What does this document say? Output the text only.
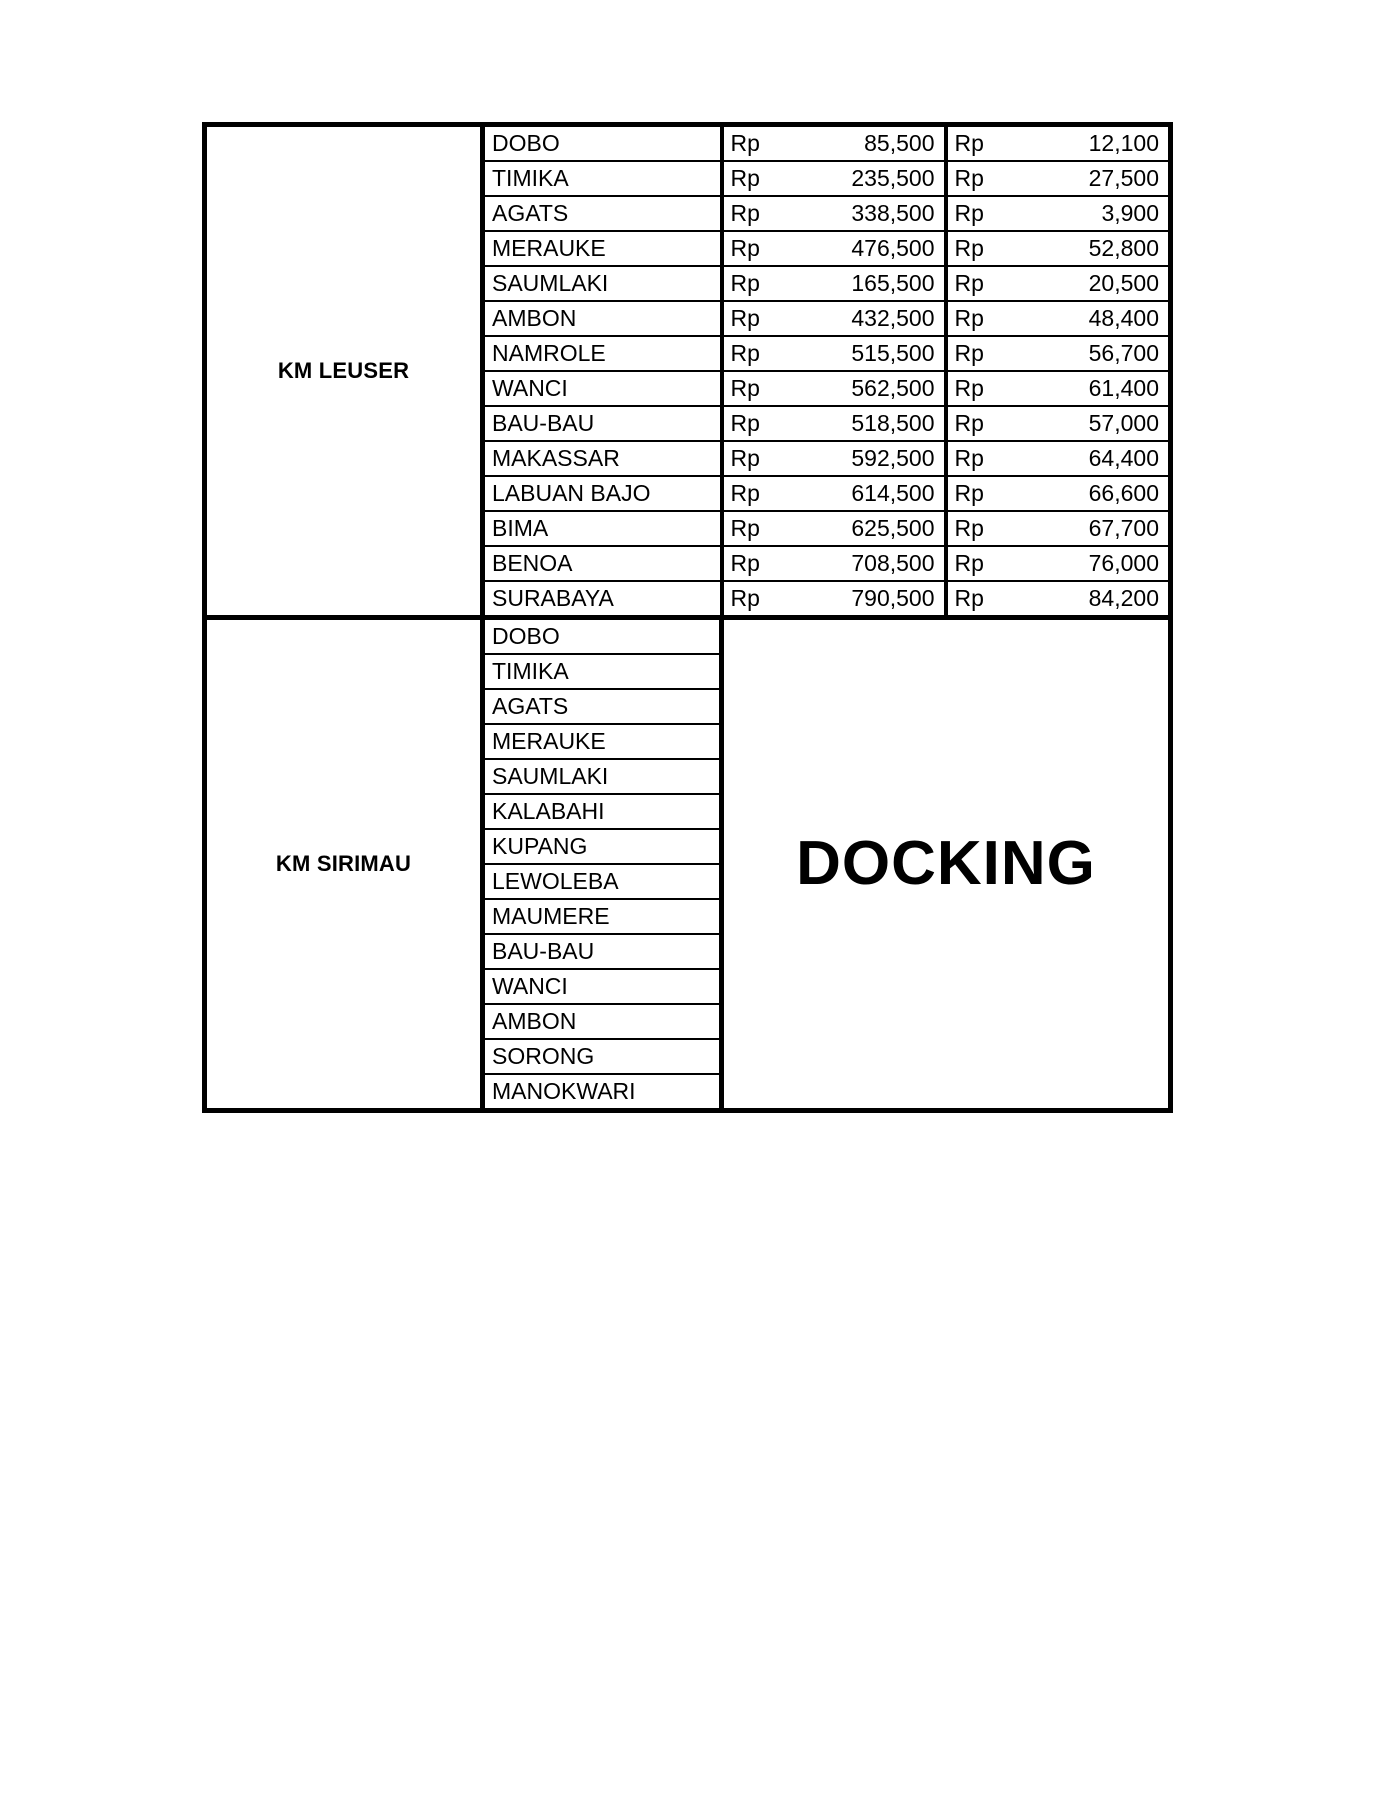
KM LEUSER	DOBO	Rp	85,500	Rp	12,100
	TIMIKA	Rp	235,500	Rp	27,500
	AGATS	Rp	338,500	Rp	3,900
	MERAUKE	Rp	476,500	Rp	52,800
	SAUMLAKI	Rp	165,500	Rp	20,500
	AMBON	Rp	432,500	Rp	48,400
	NAMROLE	Rp	515,500	Rp	56,700
	WANCI	Rp	562,500	Rp	61,400
	BAU-BAU	Rp	518,500	Rp	57,000
	MAKASSAR	Rp	592,500	Rp	64,400
	LABUAN BAJO	Rp	614,500	Rp	66,600
	BIMA	Rp	625,500	Rp	67,700
	BENOA	Rp	708,500	Rp	76,000
	SURABAYA	Rp	790,500	Rp	84,200
KM SIRIMAU	DOBO	DOCKING			
	TIMIKA				
	AGATS				
	MERAUKE				
	SAUMLAKI				
	KALABAHI				
	KUPANG				
	LEWOLEBA				
	MAUMERE				
	BAU-BAU				
	WANCI				
	AMBON				
	SORONG				
	MANOKWARI				
